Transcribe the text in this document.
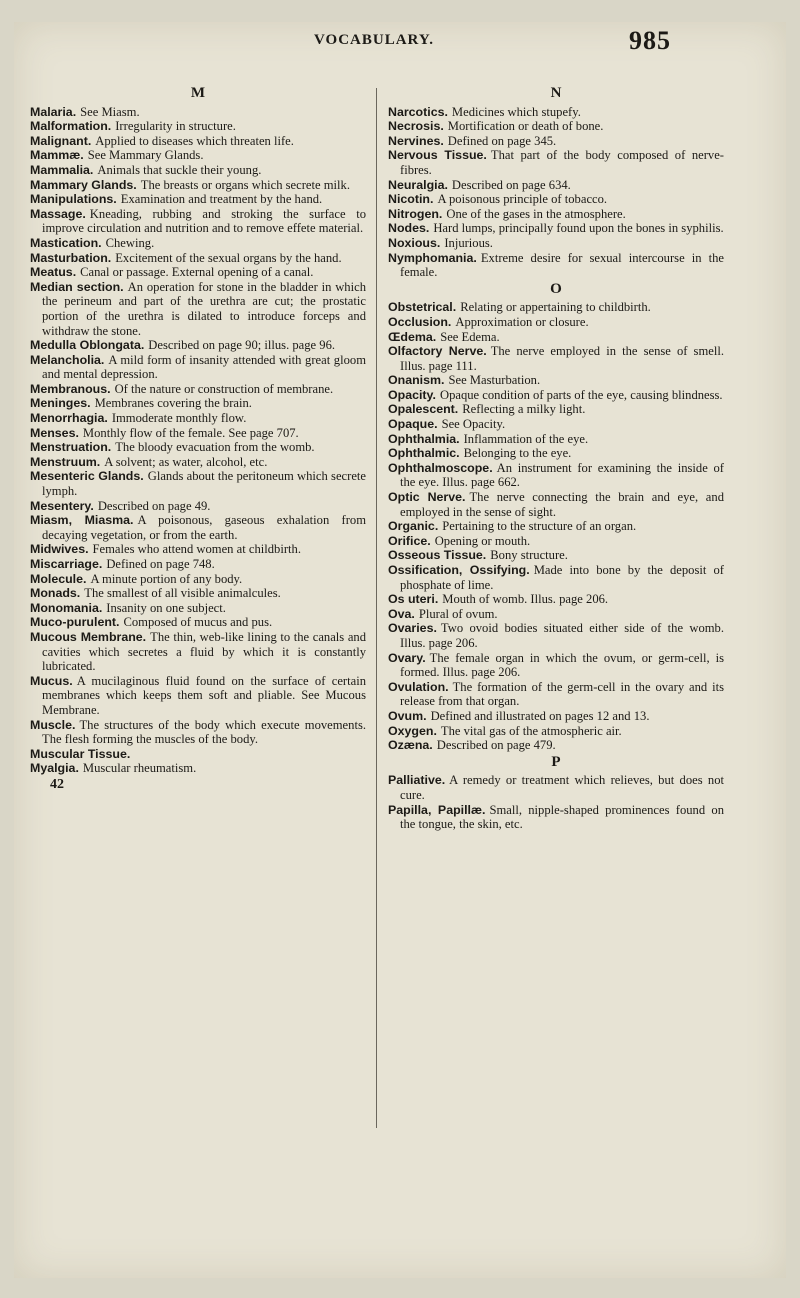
VOCABULARY.	985
M

Malaria. See Miasm.

Malformation. Irregularity in structure.

Malignant. Applied to diseases which threaten life.

Mammæ. See Mammary Glands.

Mammalia. Animals that suckle their young.

Mammary Glands. The breasts or organs which secrete milk.

Manipulations. Examination and treatment by the hand.

Massage. Kneading, rubbing and stroking the surface to improve circulation and nutrition and to remove effete material.

Mastication. Chewing.

Masturbation. Excitement of the sexual organs by the hand.

Meatus. Canal or passage. External opening of a canal.

Median section. An operation for stone in the bladder in which the perineum and part of the urethra are cut; the prostatic portion of the urethra is dilated to introduce forceps and withdraw the stone.

Medulla Oblongata. Described on page 90; illus. page 96.

Melancholia. A mild form of insanity attended with great gloom and mental depression.

Membranous. Of the nature or construction of membrane.

Meninges. Membranes covering the brain.

Menorrhagia. Immoderate monthly flow.

Menses. Monthly flow of the female. See page 707.

Menstruation. The bloody evacuation from the womb.

Menstruum. A solvent; as water, alcohol, etc.

Mesenteric Glands. Glands about the peritoneum which secrete lymph.

Mesentery. Described on page 49.

Miasm, Miasma. A poisonous, gaseous exhalation from decaying vegetation, or from the earth.

Midwives. Females who attend women at childbirth.

Miscarriage. Defined on page 748.

Molecule. A minute portion of any body.

Monads. The smallest of all visible animalcules.

Monomania. Insanity on one subject.

Muco-purulent. Composed of mucus and pus.

Mucous Membrane. The thin, web-like lining to the canals and cavities which secretes a fluid by which it is constantly lubricated.

Mucus. A mucilaginous fluid found on the surface of certain membranes which keeps them soft and pliable. See Mucous Membrane.

Muscle. The structures of the body which execute movements. The flesh forming the muscles of the body.

Muscular Tissue.

Myalgia. Muscular rheumatism.

42
N

Narcotics. Medicines which stupefy.

Necrosis. Mortification or death of bone.

Nervines. Defined on page 345.

Nervous Tissue. That part of the body composed of nerve-fibres.

Neuralgia. Described on page 634.

Nicotin. A poisonous principle of tobacco.

Nitrogen. One of the gases in the atmosphere.

Nodes. Hard lumps, principally found upon the bones in syphilis.

Noxious. Injurious.

Nymphomania. Extreme desire for sexual intercourse in the female.

O

Obstetrical. Relating or appertaining to childbirth.

Occlusion. Approximation or closure.

Œdema. See Edema.

Olfactory Nerve. The nerve employed in the sense of smell. Illus. page 111.

Onanism. See Masturbation.

Opacity. Opaque condition of parts of the eye, causing blindness.

Opalescent. Reflecting a milky light.

Opaque. See Opacity.

Ophthalmia. Inflammation of the eye.

Ophthalmic. Belonging to the eye.

Ophthalmoscope. An instrument for examining the inside of the eye. Illus. page 662.

Optic Nerve. The nerve connecting the brain and eye, and employed in the sense of sight.

Organic. Pertaining to the structure of an organ.

Orifice. Opening or mouth.

Osseous Tissue. Bony structure.

Ossification, Ossifying. Made into bone by the deposit of phosphate of lime.

Os uteri. Mouth of womb. Illus. page 206.

Ova. Plural of ovum.

Ovaries. Two ovoid bodies situated either side of the womb. Illus. page 206.

Ovary. The female organ in which the ovum, or germ-cell, is formed. Illus. page 206.

Ovulation. The formation of the germ-cell in the ovary and its release from that organ.

Ovum. Defined and illustrated on pages 12 and 13.

Oxygen. The vital gas of the atmospheric air.

Ozæna. Described on page 479.

P

Palliative. A remedy or treatment which relieves, but does not cure.

Papilla, Papillæ. Small, nipple-shaped prominences found on the tongue, the skin, etc.
